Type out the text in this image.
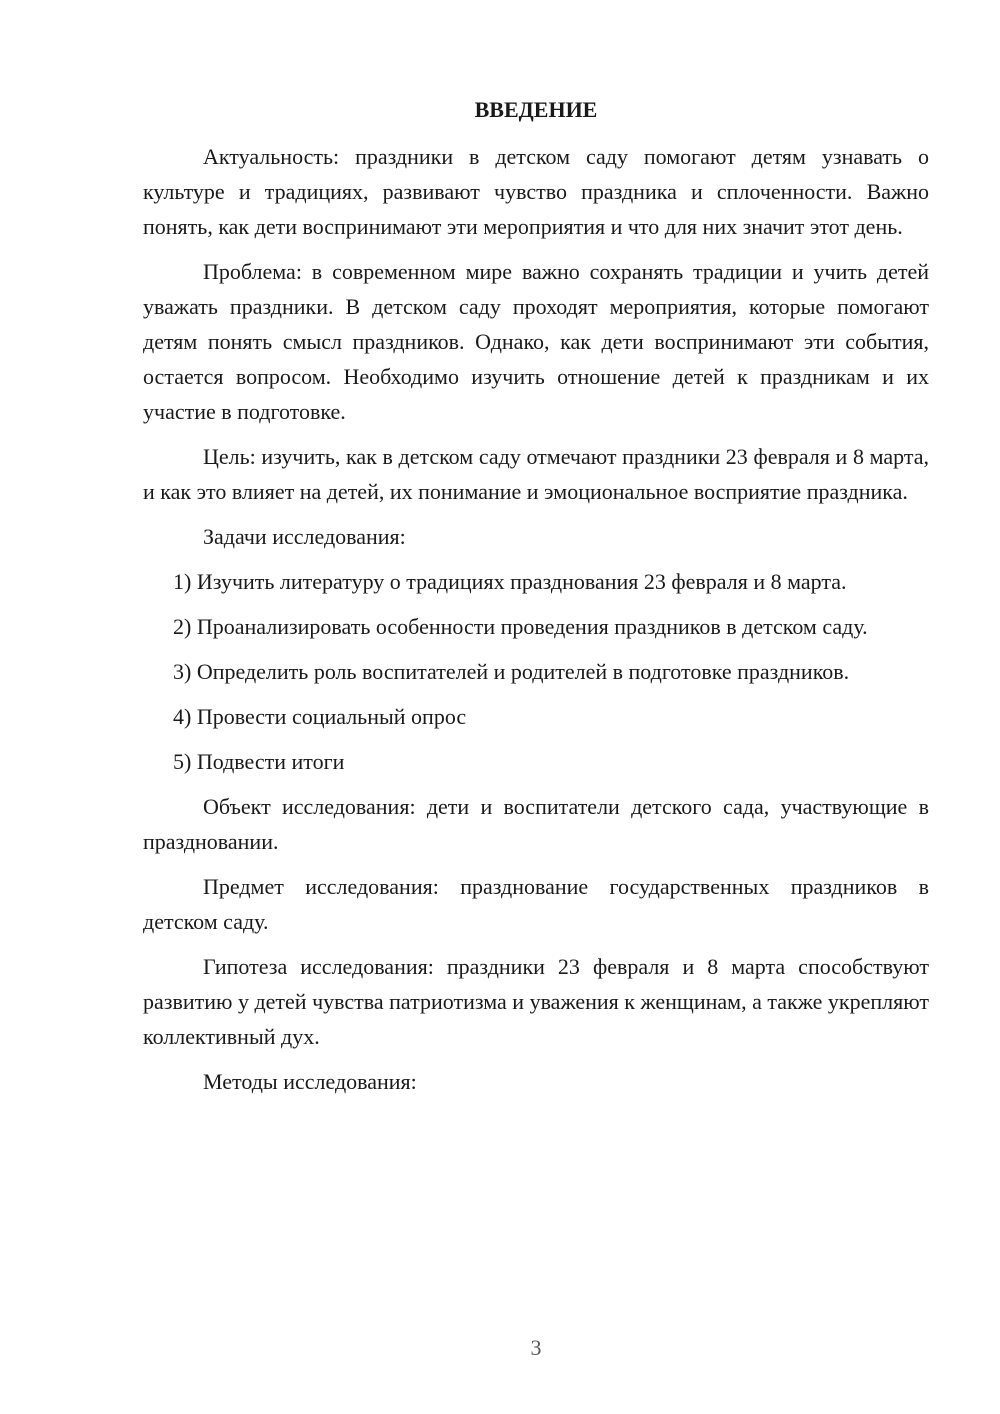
ВВЕДЕНИЕ

Актуальность: праздники в детском саду помогают детям узнавать о культуре и традициях, развивают чувство праздника и сплоченности. Важно понять, как дети воспринимают эти мероприятия и что для них значит этот день.

Проблема: в современном мире важно сохранять традиции и учить детей уважать праздники. В детском саду проходят мероприятия, которые помогают детям понять смысл праздников. Однако, как дети воспринимают эти события, остается вопросом. Необходимо изучить отношение детей к праздникам и их участие в подготовке.

Цель: изучить, как в детском саду отмечают праздники 23 февраля и 8 марта, и как это влияет на детей, их понимание и эмоциональное восприятие праздника.

Задачи исследования:

1) Изучить литературу о традициях празднования 23 февраля и 8 марта.

2) Проанализировать особенности проведения праздников в детском саду.

3) Определить роль воспитателей и родителей в подготовке праздников.

4) Провести социальный опрос

5) Подвести итоги

Объект исследования: дети и воспитатели детского сада, участвующие в праздновании.

Предмет исследования: празднование государственных праздников в детском саду.

Гипотеза исследования: праздники 23 февраля и 8 марта способствуют развитию у детей чувства патриотизма и уважения к женщинам, а также укрепляют коллективный дух.

Методы исследования:

3
